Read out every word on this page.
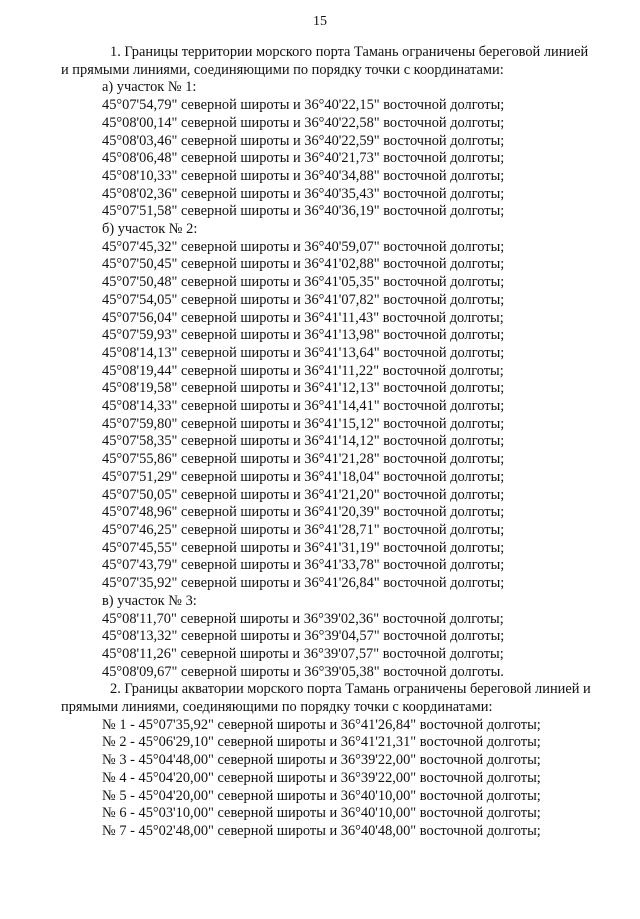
15
1. Границы территории морского порта Тамань ограничены береговой линией
и прямыми линиями, соединяющими по порядку точки с координатами:
а) участок № 1:
45°07'54,79" северной широты и 36°40'22,15" восточной долготы;
45°08'00,14" северной широты и 36°40'22,58" восточной долготы;
45°08'03,46" северной широты и 36°40'22,59" восточной долготы;
45°08'06,48" северной широты и 36°40'21,73" восточной долготы;
45°08'10,33" северной широты и 36°40'34,88" восточной долготы;
45°08'02,36" северной широты и 36°40'35,43" восточной долготы;
45°07'51,58" северной широты и 36°40'36,19" восточной долготы;
б) участок № 2:
45°07'45,32" северной широты и 36°40'59,07" восточной долготы;
45°07'50,45" северной широты и 36°41'02,88" восточной долготы;
45°07'50,48" северной широты и 36°41'05,35" восточной долготы;
45°07'54,05" северной широты и 36°41'07,82" восточной долготы;
45°07'56,04" северной широты и 36°41'11,43" восточной долготы;
45°07'59,93" северной широты и 36°41'13,98" восточной долготы;
45°08'14,13" северной широты и 36°41'13,64" восточной долготы;
45°08'19,44" северной широты и 36°41'11,22" восточной долготы;
45°08'19,58" северной широты и 36°41'12,13" восточной долготы;
45°08'14,33" северной широты и 36°41'14,41" восточной долготы;
45°07'59,80" северной широты и 36°41'15,12" восточной долготы;
45°07'58,35" северной широты и 36°41'14,12" восточной долготы;
45°07'55,86" северной широты и 36°41'21,28" восточной долготы;
45°07'51,29" северной широты и 36°41'18,04" восточной долготы;
45°07'50,05" северной широты и 36°41'21,20" восточной долготы;
45°07'48,96" северной широты и 36°41'20,39" восточной долготы;
45°07'46,25" северной широты и 36°41'28,71" восточной долготы;
45°07'45,55" северной широты и 36°41'31,19" восточной долготы;
45°07'43,79" северной широты и 36°41'33,78" восточной долготы;
45°07'35,92" северной широты и 36°41'26,84" восточной долготы;
в) участок № 3:
45°08'11,70" северной широты и 36°39'02,36" восточной долготы;
45°08'13,32" северной широты и 36°39'04,57" восточной долготы;
45°08'11,26" северной широты и 36°39'07,57" восточной долготы;
45°08'09,67" северной широты и 36°39'05,38" восточной долготы.
2. Границы акватории морского порта Тамань ограничены береговой линией и
прямыми линиями, соединяющими по порядку точки с координатами:
№ 1 - 45°07'35,92" северной широты и 36°41'26,84" восточной долготы;
№ 2 - 45°06'29,10" северной широты и 36°41'21,31" восточной долготы;
№ 3 - 45°04'48,00" северной широты и 36°39'22,00" восточной долготы;
№ 4 - 45°04'20,00" северной широты и 36°39'22,00" восточной долготы;
№ 5 - 45°04'20,00" северной широты и 36°40'10,00" восточной долготы;
№ 6 - 45°03'10,00" северной широты и 36°40'10,00" восточной долготы;
№ 7 - 45°02'48,00" северной широты и 36°40'48,00" восточной долготы;
